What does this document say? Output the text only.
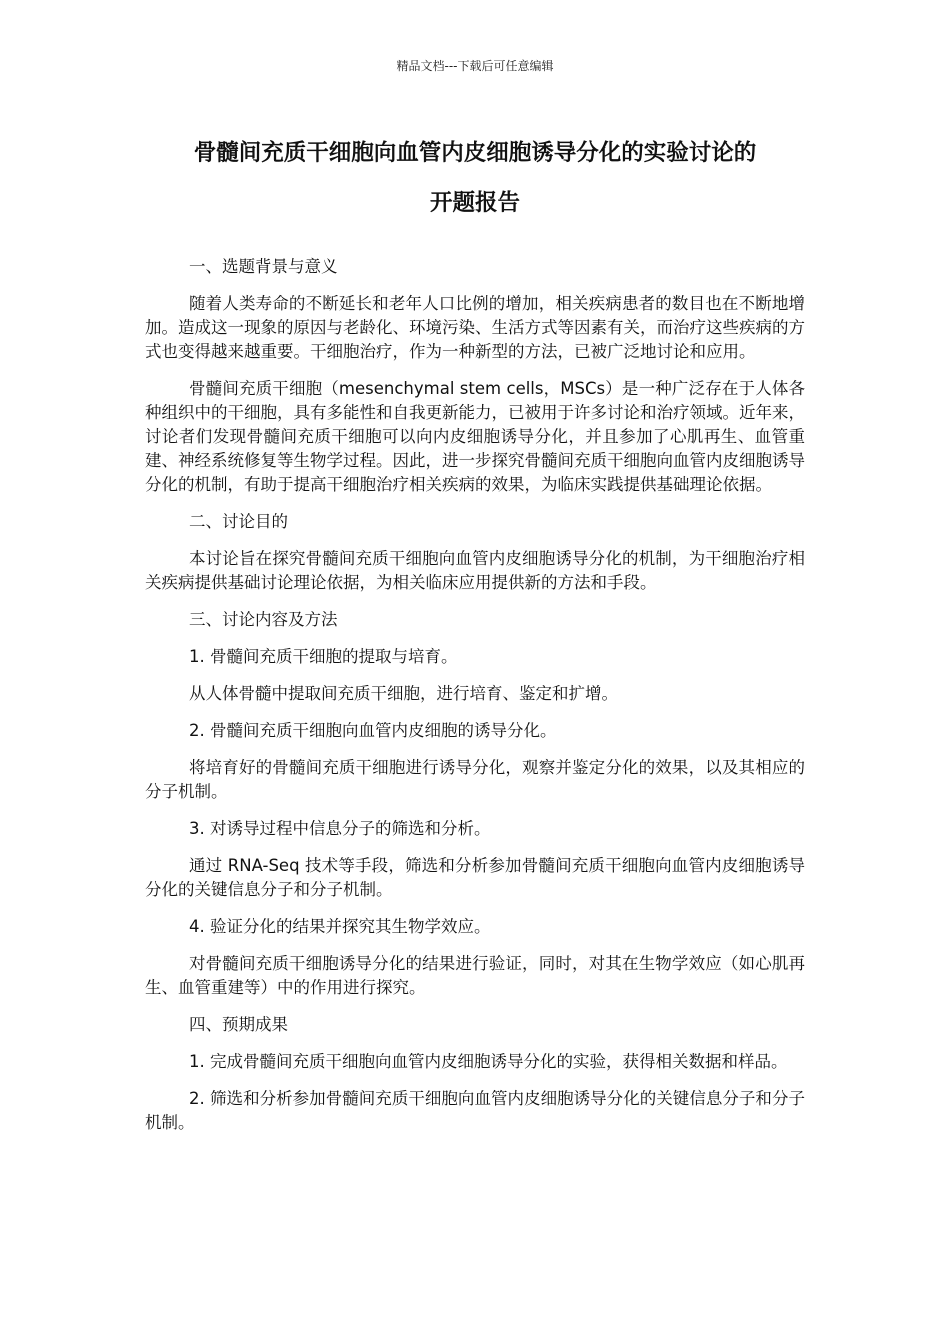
精品文档---下载后可任意编辑
骨髓间充质干细胞向血管内皮细胞诱导分化的实验讨论的
开题报告

一、选题背景与意义

随着人类寿命的不断延长和老年人口比例的增加，相关疾病患者的数目也在不断地增加。造成这一现象的原因与老龄化、环境污染、生活方式等因素有关，而治疗这些疾病的方式也变得越来越重要。干细胞治疗，作为一种新型的方法，已被广泛地讨论和应用。

骨髓间充质干细胞（mesenchymal stem cells，MSCs）是一种广泛存在于人体各种组织中的干细胞，具有多能性和自我更新能力，已被用于许多讨论和治疗领域。近年来，讨论者们发现骨髓间充质干细胞可以向内皮细胞诱导分化，并且参加了心肌再生、血管重建、神经系统修复等生物学过程。因此，进一步探究骨髓间充质干细胞向血管内皮细胞诱导分化的机制，有助于提高干细胞治疗相关疾病的效果，为临床实践提供基础理论依据。

二、讨论目的

本讨论旨在探究骨髓间充质干细胞向血管内皮细胞诱导分化的机制，为干细胞治疗相关疾病提供基础讨论理论依据，为相关临床应用提供新的方法和手段。

三、讨论内容及方法

1. 骨髓间充质干细胞的提取与培育。

从人体骨髓中提取间充质干细胞，进行培育、鉴定和扩增。

2. 骨髓间充质干细胞向血管内皮细胞的诱导分化。

将培育好的骨髓间充质干细胞进行诱导分化，观察并鉴定分化的效果，以及其相应的分子机制。

3. 对诱导过程中信息分子的筛选和分析。

通过 RNA-Seq 技术等手段，筛选和分析参加骨髓间充质干细胞向血管内皮细胞诱导分化的关键信息分子和分子机制。

4. 验证分化的结果并探究其生物学效应。

对骨髓间充质干细胞诱导分化的结果进行验证，同时，对其在生物学效应（如心肌再生、血管重建等）中的作用进行探究。

四、预期成果

1. 完成骨髓间充质干细胞向血管内皮细胞诱导分化的实验，获得相关数据和样品。

2. 筛选和分析参加骨髓间充质干细胞向血管内皮细胞诱导分化的关键信息分子和分子机制。
